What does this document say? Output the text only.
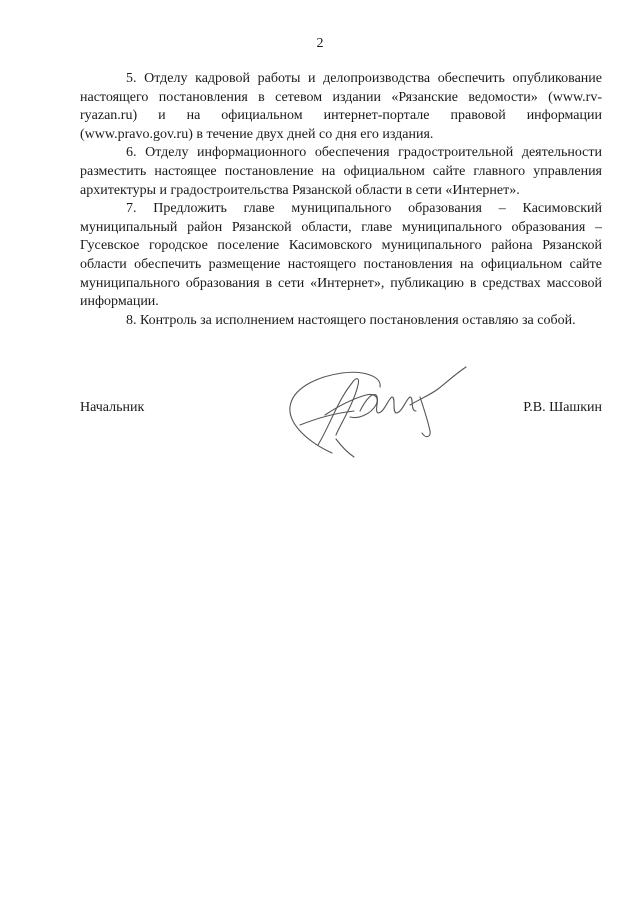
2

5. Отделу кадровой работы и делопроизводства обеспечить опубликование настоящего постановления в сетевом издании «Рязанские ведомости» (www.rv-ryazan.ru) и на официальном интернет-портале правовой информации (www.pravo.gov.ru) в течение двух дней со дня его издания.

6. Отделу информационного обеспечения градостроительной деятельности разместить настоящее постановление на официальном сайте главного управления архитектуры и градостроительства Рязанской области в сети «Интернет».

7. Предложить главе муниципального образования – Касимовский муниципальный район Рязанской области, главе муниципального образования – Гусевское городское поселение Касимовского муниципального района Рязанской области обеспечить размещение настоящего постановления на официальном сайте муниципального образования в сети «Интернет», публикацию в средствах массовой информации.

8. Контроль за исполнением настоящего постановления оставляю за собой.

Начальник	Р.В. Шашкин
